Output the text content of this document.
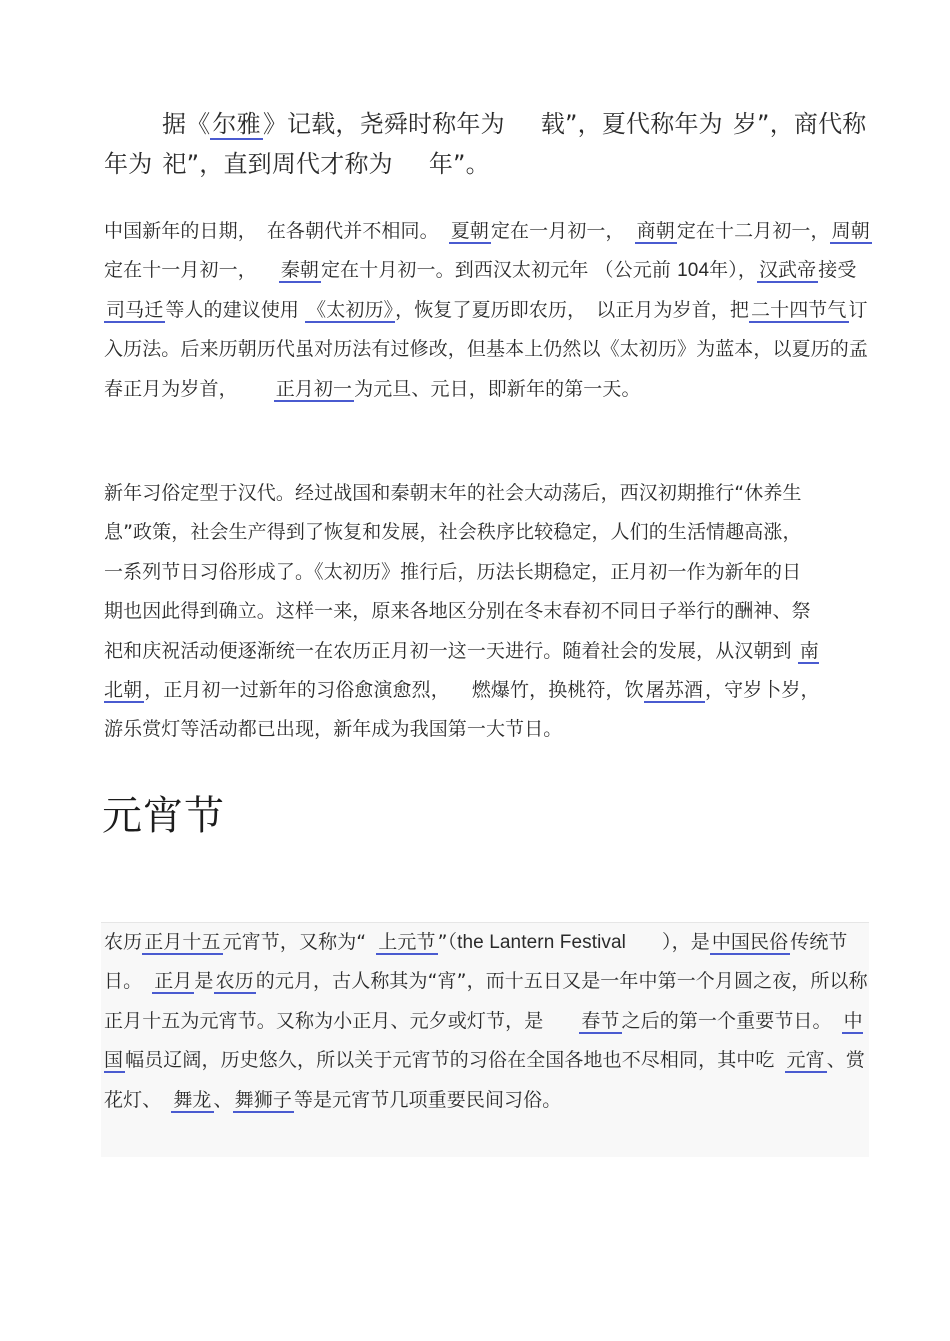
据《尔雅》记载，尧舜时称年为 载”，夏代称年为 岁”，商代称年为 祀”，直到周代才称为 年”。

中国新年的日期， 在各朝代并不相同。 夏朝 定在一月初一， 商朝 定在十二月初一， 周朝定在十一月初一， 秦朝 定在十月初一。到西汉太初元年 （公元前 104年）， 汉武帝 接受司马迁 等人的建议使用 《太初历》 ，恢复了夏历即农历， 以正月为岁首，把 二十四节气 订入历法。后来历朝历代虽对历法有过修改，但基本上仍然以《太初历》为蓝本，以夏历的孟春正月为岁首， 正月初一 为元旦、元日，即新年的第一天。

新年习俗定型于汉代。经过战国和秦朝末年的社会大动荡后，西汉初期推行“休养生息”政策，社会生产得到了恢复和发展，社会秩序比较稳定，人们的生活情趣高涨，一系列节日习俗形成了。《太初历》推行后，历法长期稳定，正月初一作为新年的日期也因此得到确立。这样一来，原来各地区分别在冬末春初不同日子举行的酬神、祭祀和庆祝活动便逐渐统一在农历正月初一这一天进行。随着社会的发展，从汉朝到 南北朝 ，正月初一过新年的习俗愈演愈烈， 燃爆竹，换桃符，饮 屠苏酒 ，守岁卜岁，游乐赏灯等活动都已出现，新年成为我国第一大节日。

元宵节

农历 正月十五 元宵节，又称为“ 上元节 ”（the Lantern Festival ），是 中国民俗 传统节日。 正月 是 农历 的元月，古人称其为“宵”，而十五日又是一年中第一个月圆之夜，所以称正月十五为元宵节。又称为小正月、元夕或灯节，是 春节 之后的第一个重要节日。 中国 幅员辽阔，历史悠久，所以关于元宵节的习俗在全国各地也不尽相同，其中吃 元宵 、赏花灯、 舞龙 、 舞狮子 等是元宵节几项重要民间习俗。
